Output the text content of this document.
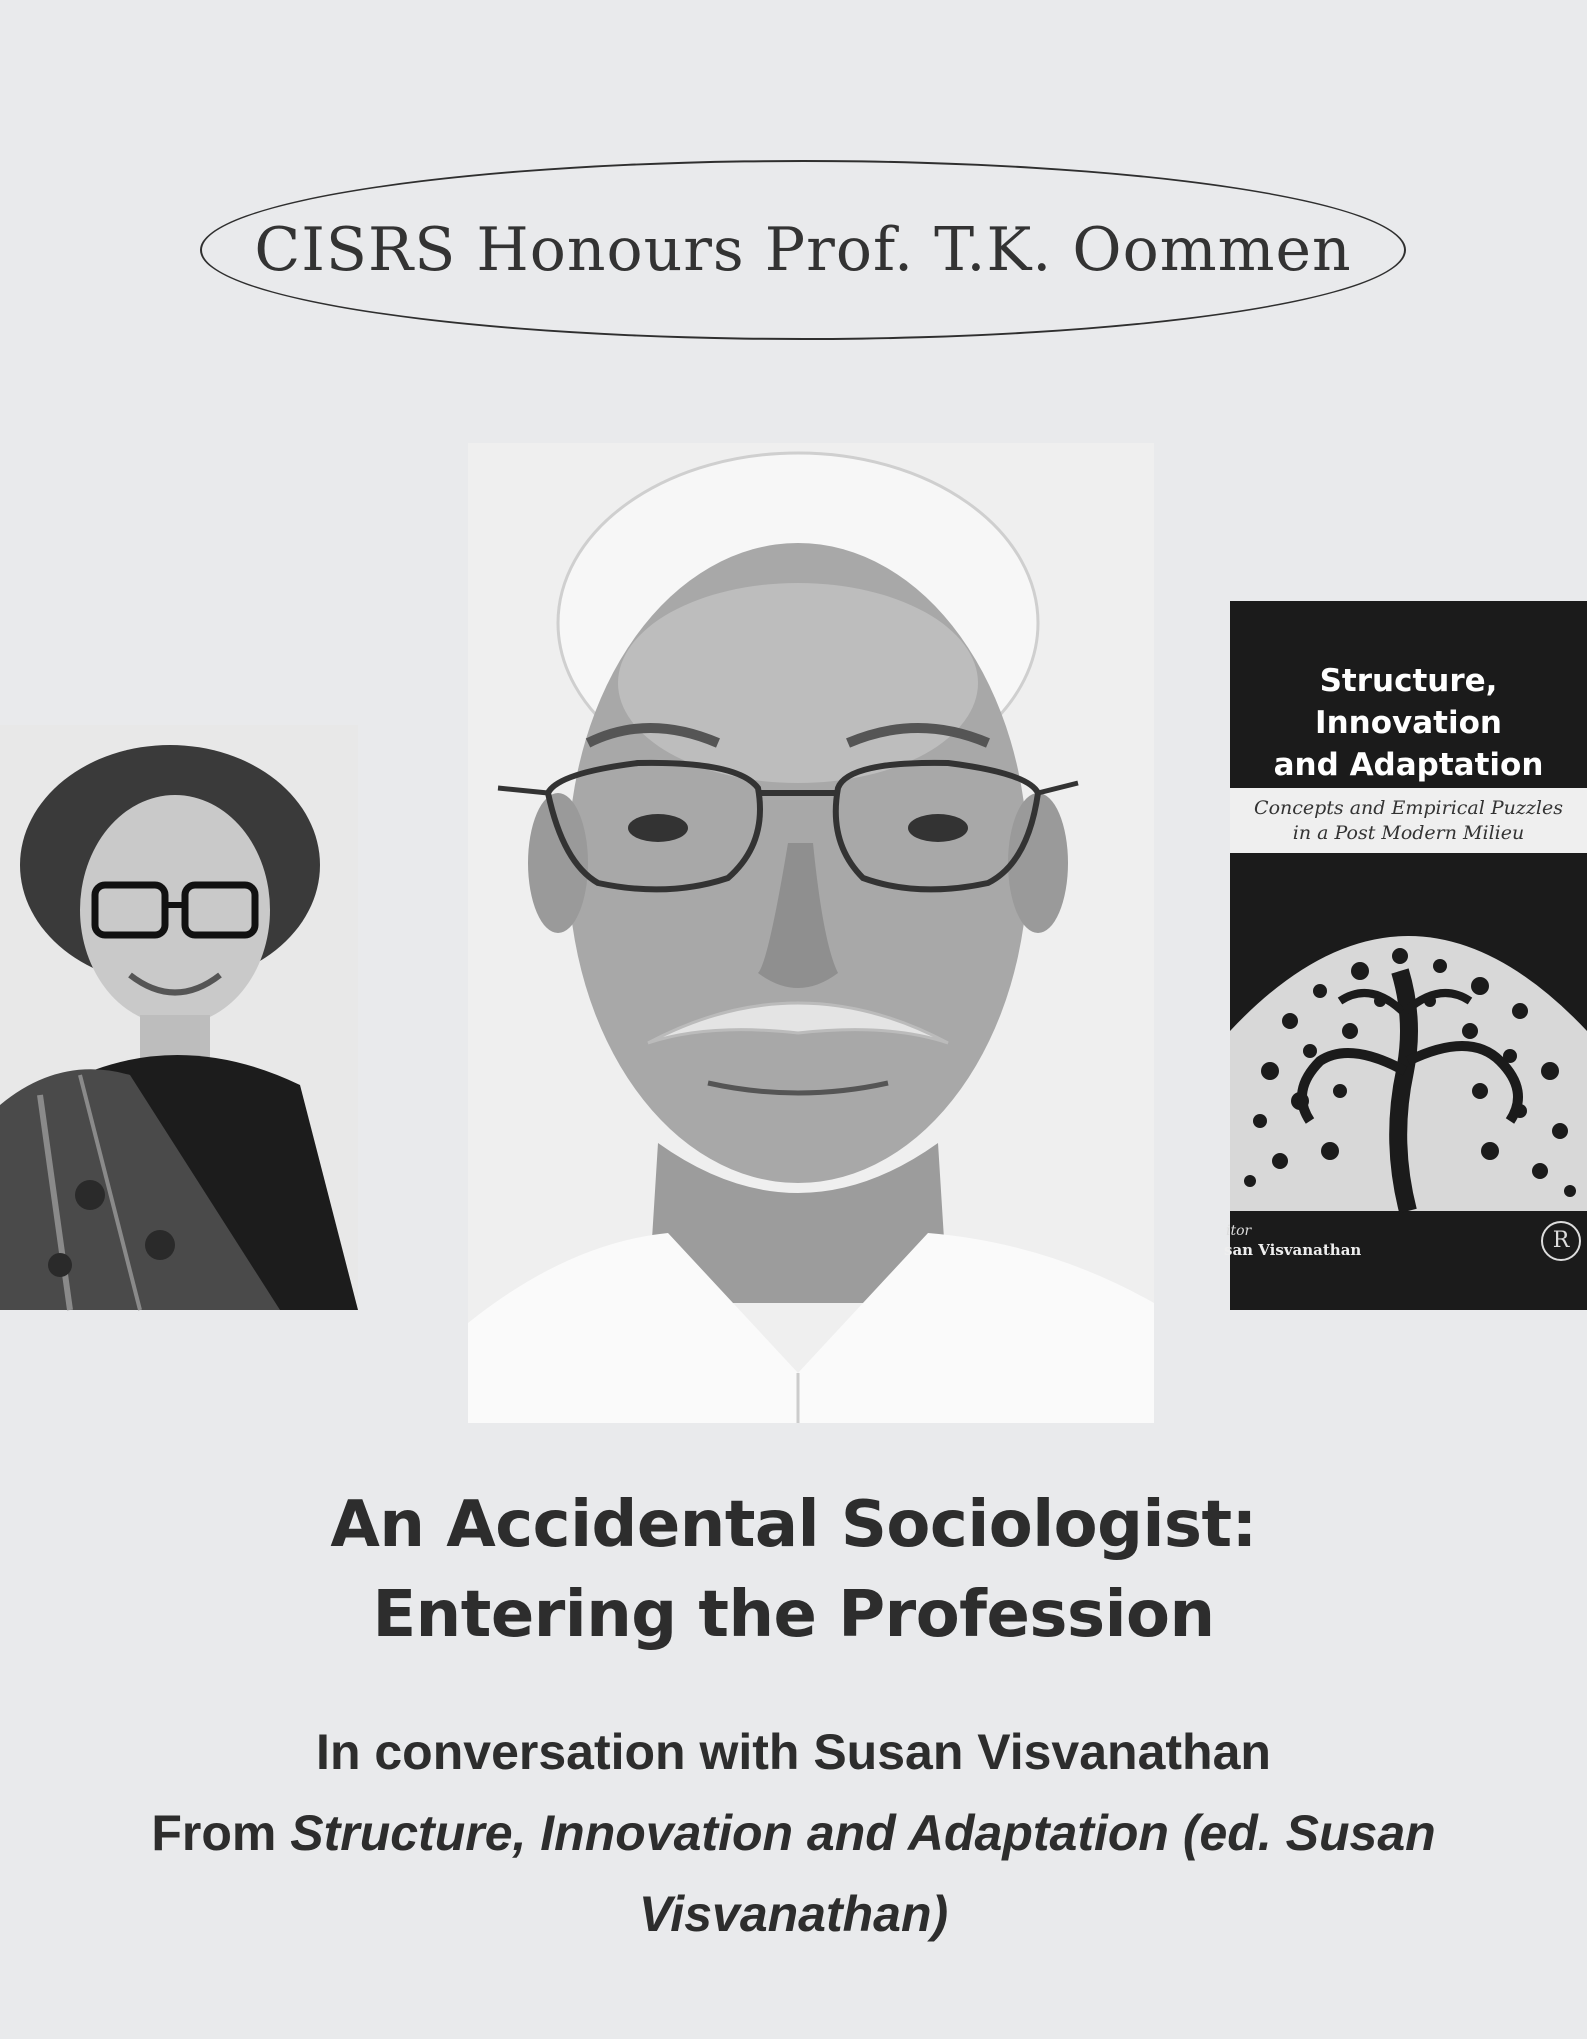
CISRS Honours Prof. T.K. Oommen
Structure, Innovation
and Adaptation
Concepts and Empirical Puzzles
in a Post Modern Milieu
itor
san Visvanathan	R
An Accidental Sociologist:
Entering the Profession
In conversation with Susan Visvanathan
From Structure, Innovation and Adaptation (ed. Susan
Visvanathan)
